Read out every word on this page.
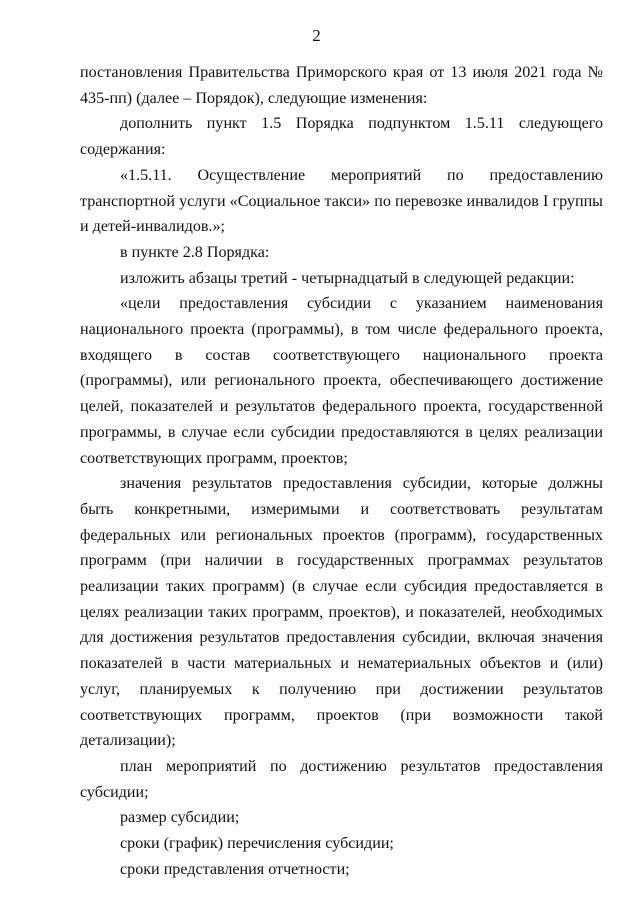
2

постановления Правительства Приморского края от 13 июля 2021 года № 435-пп) (далее – Порядок), следующие изменения:

дополнить пункт 1.5 Порядка подпунктом 1.5.11 следующего содержания:

«1.5.11. Осуществление мероприятий по предоставлению транспортной услуги «Социальное такси» по перевозке инвалидов I группы и детей-инвалидов.»;

в пункте 2.8 Порядка:

изложить абзацы третий - четырнадцатый в следующей редакции:

«цели предоставления субсидии с указанием наименования национального проекта (программы), в том числе федерального проекта, входящего в состав соответствующего национального проекта (программы), или регионального проекта, обеспечивающего достижение целей, показателей и результатов федерального проекта, государственной программы, в случае если субсидии предоставляются в целях реализации соответствующих программ, проектов;

значения результатов предоставления субсидии, которые должны быть конкретными, измеримыми и соответствовать результатам федеральных или региональных проектов (программ), государственных программ (при наличии в государственных программах результатов реализации таких программ) (в случае если субсидия предоставляется в целях реализации таких программ, проектов), и показателей, необходимых для достижения результатов предоставления субсидии, включая значения показателей в части материальных и нематериальных объектов и (или) услуг, планируемых к получению при достижении результатов соответствующих программ, проектов (при возможности такой детализации);

план мероприятий по достижению результатов предоставления субсидии;

размер субсидии;

сроки (график) перечисления субсидии;

сроки представления отчетности;
